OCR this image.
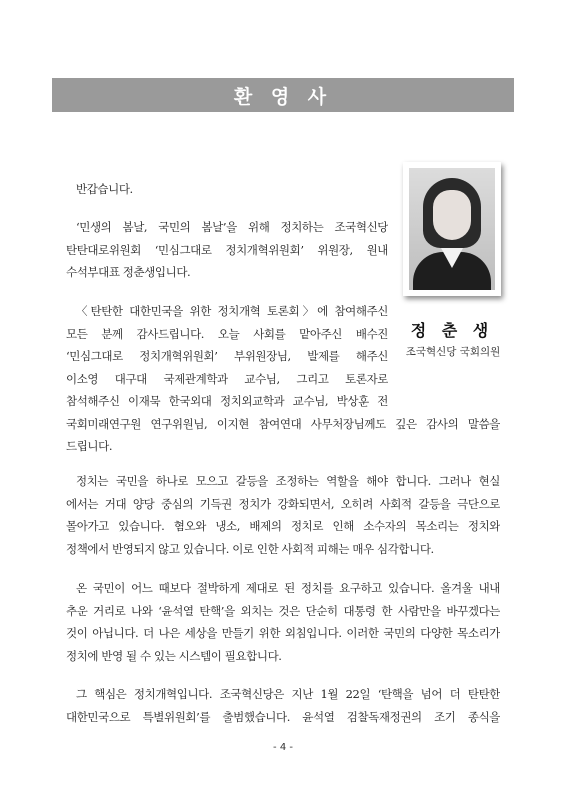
환 영 사
정 춘 생
조국혁신당 국회의원
반갑습니다.
‘민생의 봄날, 국민의 봄날’을 위해 정치하는 조국혁신당
탄탄대로위원회 ‘민심그대로 정치개혁위원회’ 위원장, 원내
수석부대표 정춘생입니다.
〈탄탄한 대한민국을 위한 정치개혁 토론회〉에 참여해주신
모든 분께 감사드립니다. 오늘 사회를 맡아주신 배수진
‘민심그대로 정치개혁위원회’ 부위원장님, 발제를 해주신
이소영 대구대 국제관계학과 교수님, 그리고 토론자로
참석해주신 이재묵 한국외대 정치외교학과 교수님, 박상훈 전
국회미래연구원 연구위원님, 이지현 참여연대 사무처장님께도 깊은 감사의 말씀을
드립니다.
정치는 국민을 하나로 모으고 갈등을 조정하는 역할을 해야 합니다. 그러나 현실
에서는 거대 양당 중심의 기득권 정치가 강화되면서, 오히려 사회적 갈등을 극단으로
몰아가고 있습니다. 혐오와 냉소, 배제의 정치로 인해 소수자의 목소리는 정치와
정책에서 반영되지 않고 있습니다. 이로 인한 사회적 피해는 매우 심각합니다.
온 국민이 어느 때보다 절박하게 제대로 된 정치를 요구하고 있습니다. 올겨울 내내
추운 거리로 나와 ‘윤석열 탄핵’을 외치는 것은 단순히 대통령 한 사람만을 바꾸겠다는
것이 아닙니다. 더 나은 세상을 만들기 위한 외침입니다. 이러한 국민의 다양한 목소리가
정치에 반영 될 수 있는 시스템이 필요합니다.
그 핵심은 정치개혁입니다. 조국혁신당은 지난 1월 22일 ‘탄핵을 넘어 더 탄탄한
대한민국으로 특별위원회’를 출범했습니다. 윤석열 검찰독재정권의 조기 종식을
- 4 -
